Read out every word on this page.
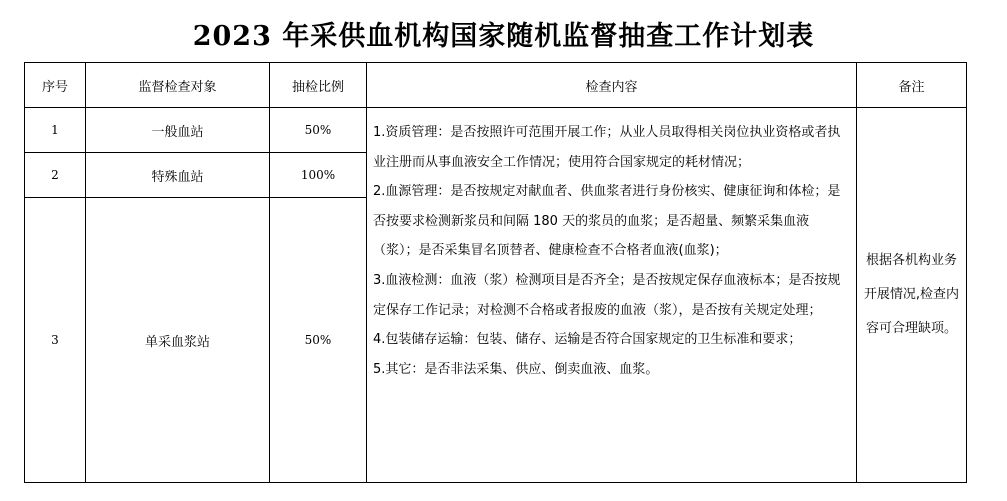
2023 年采供血机构国家随机监督抽查工作计划表
序号	监督检查对象	抽检比例	检查内容	备注
1	一般血站	50%	1.资质管理：是否按照许可范围开展工作；从业人员取得相关岗位执业资格或者执业注册而从事血液安全工作情况；使用符合国家规定的耗材情况；

2.血源管理：是否按规定对献血者、供血浆者进行身份核实、健康征询和体检；是否按要求检测新浆员和间隔 180 天的浆员的血浆；是否超量、频繁采集血液（浆）；是否采集冒名顶替者、健康检查不合格者血液(血浆)；

3.血液检测：血液（浆）检测项目是否齐全；是否按规定保存血液标本；是否按规定保存工作记录；对检测不合格或者报废的血液（浆），是否按有关规定处理；

4.包装储存运输：包装、储存、运输是否符合国家规定的卫生标准和要求；

5.其它：是否非法采集、供应、倒卖血液、血浆。	根据各机构业务开展情况,检查内容可合理缺项。
2	特殊血站	100%		
3	单采血浆站	50%		
